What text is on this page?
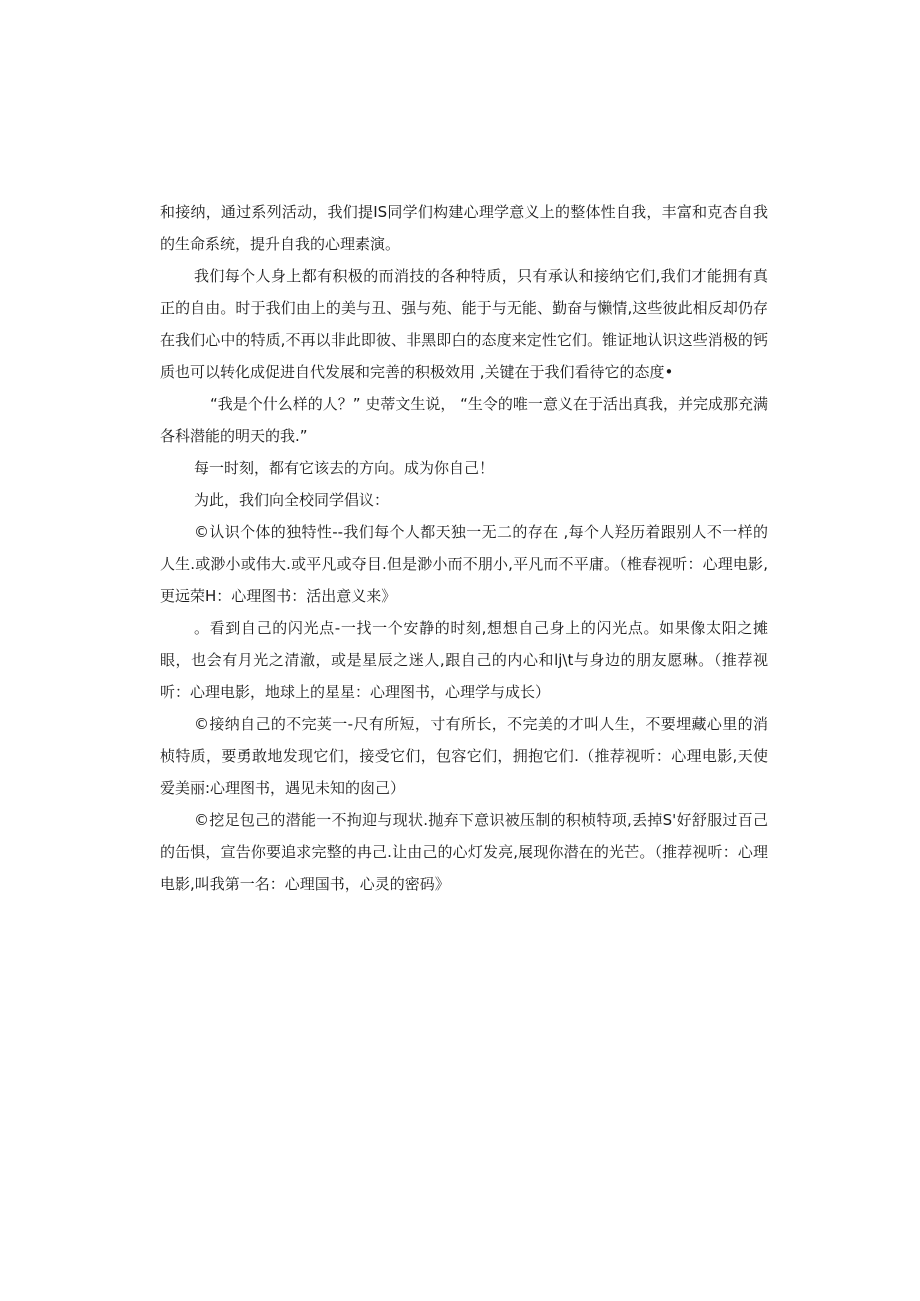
和接纳，通过系列活动，我们提IS同学们构建心理学意义上的整体性自我，丰富和克杏自我的生命系统，提升自我的心理素演。

我们每个人身上都有积极的而消技的各种特质，只有承认和接纳它们,我们才能拥有真正的自由。时于我们由上的美与丑、强与苑、能于与无能、勤奋与懒情,这些彼此相反却仍存在我们心中的特质,不再以非此即彼、非黑即白的态度来定性它们。锥证地认识这些消极的钙质也可以转化成促进自代发展和完善的积极效用 ,关键在于我们看待它的态度•

“我是个什么样的人？” 史蒂文生说， “生令的唯一意义在于活出真我，并完成那充满各科潜能的明天的我.”

每一时刻，都有它该去的方向。成为你自己！

为此，我们向全校同学倡议：

©认识个体的独特性--我们每个人都天独一无二的存在 ,每个人羟历着跟别人不一样的人生.或渺小或伟大.或平凡或夺目.但是渺小而不朋小,平凡而不平庸。（椎春视听：心理电影,更远荣H：心理图书：活出意义来》

。看到自己的闪光点-一找一个安静的时刻,想想自己身上的闪光点。如果像太阳之摊眼，也会有月光之清澈，或是星辰之迷人,跟自己的内心和lj\t与身边的朋友愿琳。（推荐视听：心理电影，地球上的星星：心理图书，心理学与成长）

©接纳自己的不完荚一-尺有所短，寸有所长，不完美的才叫人生，不要埋藏心里的消桢特质，要勇敢地发现它们，接受它们，包容它们，拥抱它们.（推荐视听：心理电影,天使爱美丽:心理图书，遇见未知的囱己）

©挖足包己的潜能一不拘迎与现状.抛弃下意识被压制的积桢特项,丢掉S'好舒服过百己的缶惧，宣告你要追求完整的冉己.让由己的心灯发亮,展现你潜在的光芒。（推荐视听：心理电影,叫我第一名：心理国书，心灵的密码》
